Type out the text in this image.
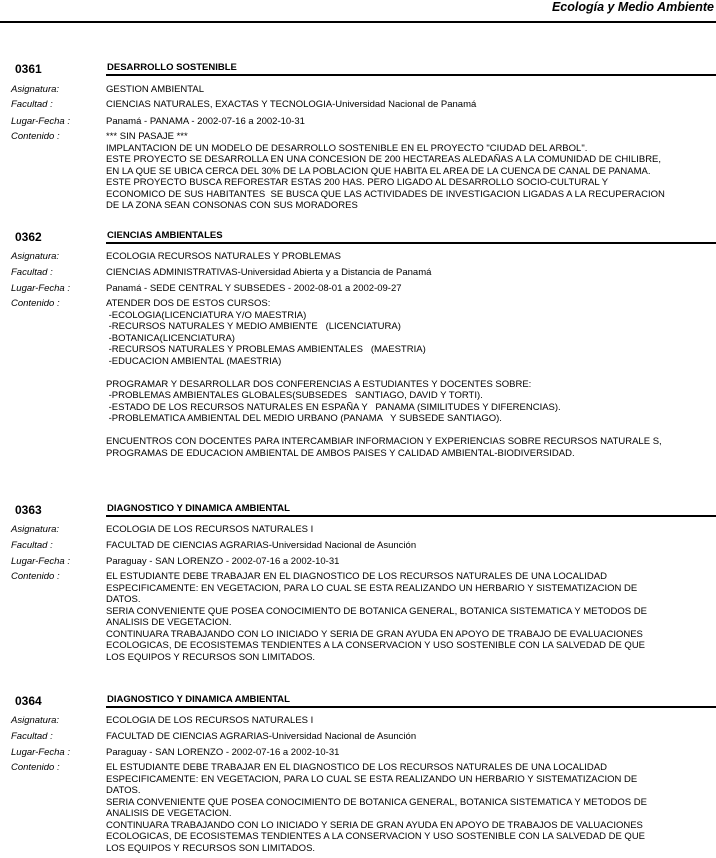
Ecología y Medio Ambiente
0361	DESARROLLO SOSTENIBLE
Asignatura:	GESTION AMBIENTAL
Facultad :	CIENCIAS NATURALES, EXACTAS Y TECNOLOGIA-Universidad Nacional de Panamá
Lugar-Fecha :	Panamá - PANAMA - 2002-07-16 a 2002-10-31
Contenido :	*** SIN PASAJE ***
IMPLANTACION DE UN MODELO DE DESARROLLO SOSTENIBLE EN EL PROYECTO "CIUDAD DEL ARBOL".
ESTE PROYECTO SE DESARROLLA EN UNA CONCESION DE 200 HECTAREAS ALEDAÑAS A LA COMUNIDAD DE CHILIBRE,
EN LA QUE SE UBICA CERCA DEL 30% DE LA POBLACION QUE HABITA EL AREA DE LA CUENCA DE CANAL DE PANAMA.
ESTE PROYECTO BUSCA REFORESTAR ESTAS 200 HAS. PERO LIGADO AL DESARROLLO SOCIO-CULTURAL Y
ECONOMICO DE SUS HABITANTES  SE BUSCA QUE LAS ACTIVIDADES DE INVESTIGACION LIGADAS A LA RECUPERACION
DE LA ZONA SEAN CONSONAS CON SUS MORADORES
0362	CIENCIAS AMBIENTALES
Asignatura:	ECOLOGIA RECURSOS NATURALES Y PROBLEMAS
Facultad :	CIENCIAS ADMINISTRATIVAS-Universidad Abierta y a Distancia de Panamá
Lugar-Fecha :	Panamá - SEDE CENTRAL Y SUBSEDES - 2002-08-01 a 2002-09-27
Contenido :	ATENDER DOS DE ESTOS CURSOS:
-ECOLOGIA(LICENCIATURA Y/O MAESTRIA)
-RECURSOS NATURALES Y MEDIO AMBIENTE   (LICENCIATURA)
-BOTANICA(LICENCIATURA)
-RECURSOS NATURALES Y PROBLEMAS AMBIENTALES   (MAESTRIA)
-EDUCACION AMBIENTAL (MAESTRIA)
PROGRAMAR Y DESARROLLAR DOS CONFERENCIAS A ESTUDIANTES Y DOCENTES SOBRE:
-PROBLEMAS AMBIENTALES GLOBALES(SUBSEDES   SANTIAGO, DAVID Y TORTI).
-ESTADO DE LOS RECURSOS NATURALES EN ESPAÑA Y   PANAMA (SIMILITUDES Y DIFERENCIAS).
-PROBLEMATICA AMBIENTAL DEL MEDIO URBANO (PANAMA   Y SUBSEDE SANTIAGO).
ENCUENTROS CON DOCENTES PARA INTERCAMBIAR INFORMACION Y EXPERIENCIAS SOBRE RECURSOS NATURALE S,
PROGRAMAS DE EDUCACION AMBIENTAL DE AMBOS PAISES Y CALIDAD AMBIENTAL-BIODIVERSIDAD.
0363	DIAGNOSTICO Y DINAMICA AMBIENTAL
Asignatura:	ECOLOGIA DE LOS RECURSOS NATURALES I
Facultad :	FACULTAD DE CIENCIAS AGRARIAS-Universidad Nacional de Asunción
Lugar-Fecha :	Paraguay - SAN LORENZO - 2002-07-16 a 2002-10-31
Contenido :	EL ESTUDIANTE DEBE TRABAJAR EN EL DIAGNOSTICO DE LOS RECURSOS NATURALES DE UNA LOCALIDAD
ESPECIFICAMENTE: EN VEGETACION, PARA LO CUAL SE ESTA REALIZANDO UN HERBARIO Y SISTEMATIZACION DE
DATOS.
SERIA CONVENIENTE QUE POSEA CONOCIMIENTO DE BOTANICA GENERAL, BOTANICA SISTEMATICA Y METODOS DE
ANALISIS DE VEGETACION.
CONTINUARA TRABAJANDO CON LO INICIADO Y SERIA DE GRAN AYUDA EN APOYO DE TRABAJO DE EVALUACIONES
ECOLOGICAS, DE ECOSISTEMAS TENDIENTES A LA CONSERVACION Y USO SOSTENIBLE CON LA SALVEDAD DE QUE
LOS EQUIPOS Y RECURSOS SON LIMITADOS.
0364	DIAGNOSTICO Y DINAMICA AMBIENTAL
Asignatura:	ECOLOGIA DE LOS RECURSOS NATURALES I
Facultad :	FACULTAD DE CIENCIAS AGRARIAS-Universidad Nacional de Asunción
Lugar-Fecha :	Paraguay - SAN LORENZO - 2002-07-16 a 2002-10-31
Contenido :	EL ESTUDIANTE DEBE TRABAJAR EN EL DIAGNOSTICO DE LOS RECURSOS NATURALES DE UNA LOCALIDAD
ESPECIFICAMENTE: EN VEGETACION, PARA LO CUAL SE ESTA REALIZANDO UN HERBARIO Y SISTEMATIZACION DE
DATOS.
SERIA CONVENIENTE QUE POSEA CONOCIMIENTO DE BOTANICA GENERAL, BOTANICA SISTEMATICA Y METODOS DE
ANALISIS DE VEGETACION.
CONTINUARA TRABAJANDO CON LO INICIADO Y SERIA DE GRAN AYUDA EN APOYO DE TRABAJOS DE VALUACIONES
ECOLOGICAS, DE ECOSISTEMAS TENDIENTES A LA CONSERVACION Y USO SOSTENIBLE CON LA SALVEDAD DE QUE
LOS EQUIPOS Y RECURSOS SON LIMITADOS.
